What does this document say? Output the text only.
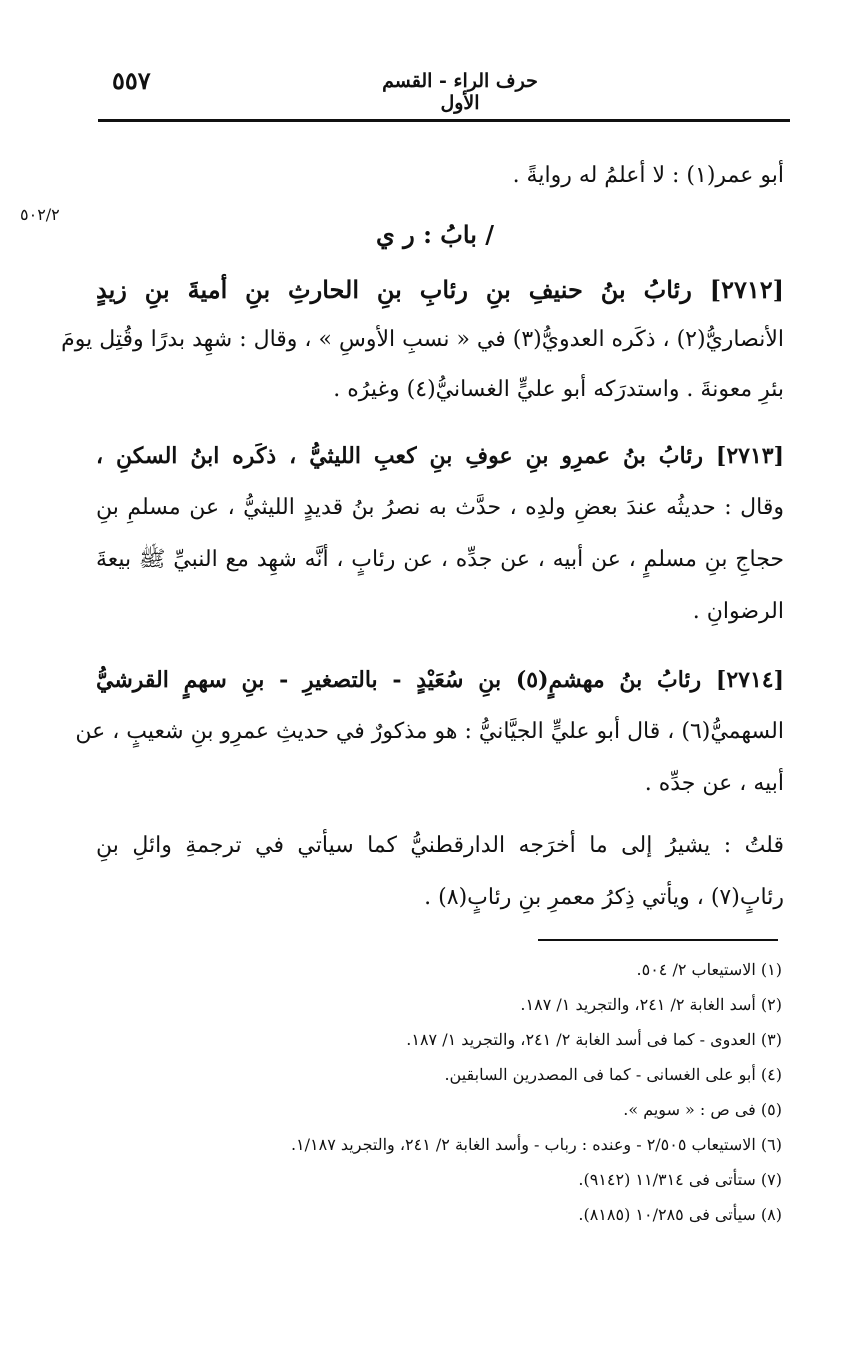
٥٥٧	حرف الراء - القسم الأول
أبو عمر(١) : لا أعلمُ له روايةً .
٥٠٢/٢
/ بابُ : ر ي
[٢٧١٢] رئابُ بنُ حنيفِ بنِ رئابِ بنِ الحارثِ بنِ أميةَ بنِ زيدٍ
الأنصاريُّ(٢) ، ذكَره العدويُّ(٣) في « نسبِ الأوسِ » ، وقال : شهِد بدرًا وقُتِل يومَ
بئرِ معونةَ . واستدرَكه أبو عليٍّ الغسانيُّ(٤) وغيرُه .
[٢٧١٣] رئابُ بنُ عمرِو بنِ عوفِ بنِ كعبِ الليثيُّ ، ذكَره ابنُ السكنِ ،
وقال : حديثُه عندَ بعضِ ولدِه ، حدَّث به نصرُ بنُ قديدٍ الليثيُّ ، عن مسلمِ بنِ
حجاجِ بنِ مسلمٍ ، عن أبيه ، عن جدِّه ، عن رئابٍ ، أنَّه شهِد مع النبيِّ ﷺ بيعةَ
الرضوانِ .
[٢٧١٤] رئابُ بنُ مهشمٍ(٥) بنِ سُعَيْدٍ - بالتصغيرِ - بنِ سهمٍ القرشيُّ
السهميُّ(٦) ، قال أبو عليٍّ الجيَّانيُّ : هو مذكورٌ في حديثِ عمرِو بنِ شعيبٍ ، عن
أبيه ، عن جدِّه .
قلتُ : يشيرُ إلى ما أخرَجه الدارقطنيُّ كما سيأتي في ترجمةِ وائلِ بنِ
رئابٍ(٧) ، ويأتي ذِكرُ معمرِ بنِ رئابٍ(٨) .
(١) الاستيعاب ٢/ ٥٠٤.
(٢) أسد الغابة ٢/ ٢٤١، والتجريد ١/ ١٨٧.
(٣) العدوى - كما فى أسد الغابة ٢/ ٢٤١، والتجريد ١/ ١٨٧.
(٤) أبو على الغسانى - كما فى المصدرين السابقين.
(٥) فى ص : « سويم ».
(٦) الاستيعاب ٢/٥٠٥ - وعنده : رباب - وأسد الغابة ٢/ ٢٤١، والتجريد ١/١٨٧.
(٧) ستأتى فى ١١/٣١٤ (٩١٤٢).
(٨) سيأتى فى ١٠/٢٨٥ (٨١٨٥).
